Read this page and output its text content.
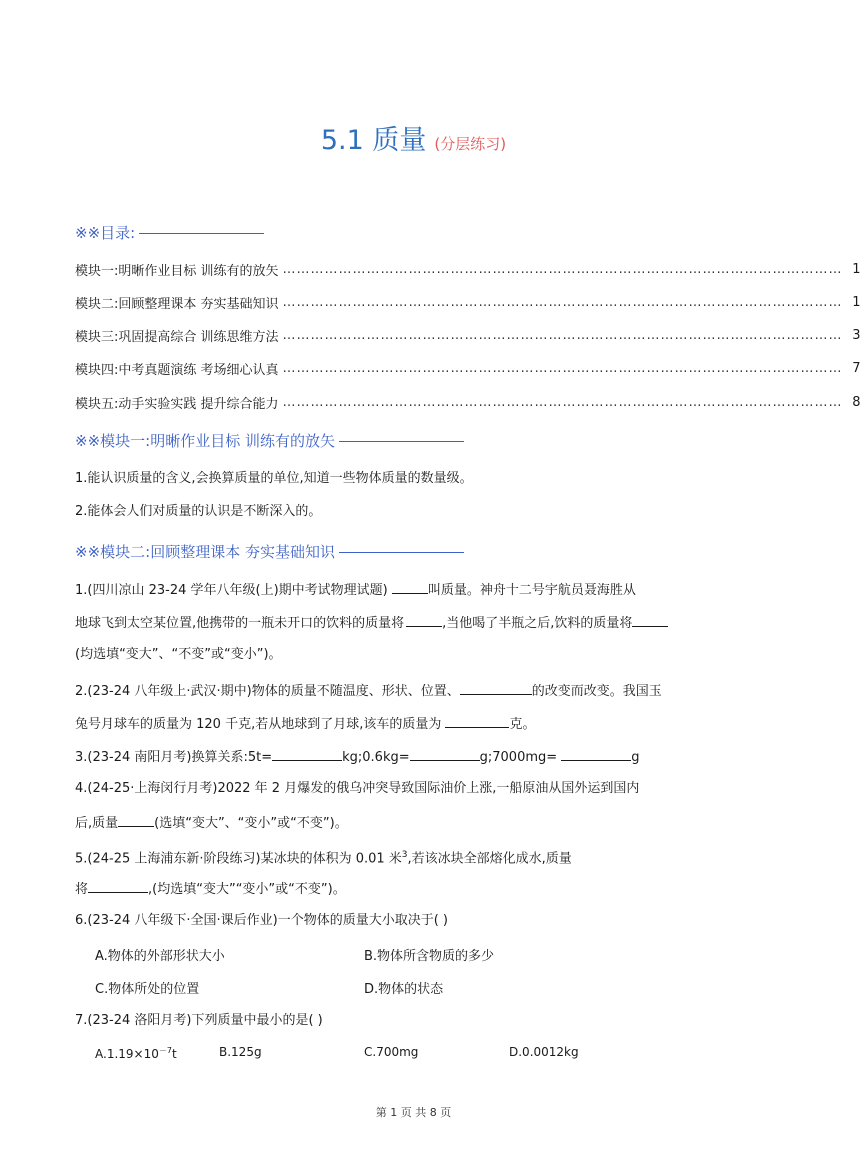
5.1 质量 (分层练习)
※※目录:
模块一:明晰作业目标 训练有的放矢 ………………………………………………………………………………………………………… 1
模块二:回顾整理课本 夯实基础知识 ………………………………………………………………………………………………………… 1
模块三:巩固提高综合 训练思维方法 ………………………………………………………………………………………………………… 3
模块四:中考真题演练 考场细心认真 ………………………………………………………………………………………………………… 7
模块五:动手实验实践 提升综合能力 ………………………………………………………………………………………………………… 8
※※模块一:明晰作业目标 训练有的放矢
1.能认识质量的含义,会换算质量的单位,知道一些物体质量的数量级。
2.能体会人们对质量的认识是不断深入的。
※※模块二:回顾整理课本 夯实基础知识
1.(四川凉山 23-24 学年八年级(上)期中考试物理试题)	叫质量。神舟十二号宇航员聂海胜从
地球飞到太空某位置,他携带的一瓶未开口的饮料的质量将	,当他喝了半瓶之后,饮料的质量将
(均选填“变大”、“不变”或“变小”)。
2.(23-24 八年级上·武汉·期中)物体的质量不随温度、形状、位置、	的改变而改变。我国玉
兔号月球车的质量为 120 千克,若从地球到了月球,该车的质量为	克。
3.(23-24 南阳月考)换算关系:5t=	kg;0.6kg=	g;7000mg=	g
4.(24-25·上海闵行月考)2022 年 2 月爆发的俄乌冲突导致国际油价上涨,一船原油从国外运到国内
后,质量	(选填“变大”、“变小”或“不变”)。
5.(24-25 上海浦东新·阶段练习)某冰块的体积为 0.01 米$^3$,若该冰块全部熔化成水,质量
将	,(均选填“变大”“变小”或“不变”)。
6.(23-24 八年级下·全国·课后作业)一个物体的质量大小取决于( )
A.物体的外部形状大小	B.物体所含物质的多少
C.物体所处的位置	D.物体的状态
7.(23-24 洛阳月考)下列质量中最小的是( )
$A.1.19\times 10^{-7}t$	B.125g	C.700mg	D.0.0012kg
第 1 页 共 8 页
